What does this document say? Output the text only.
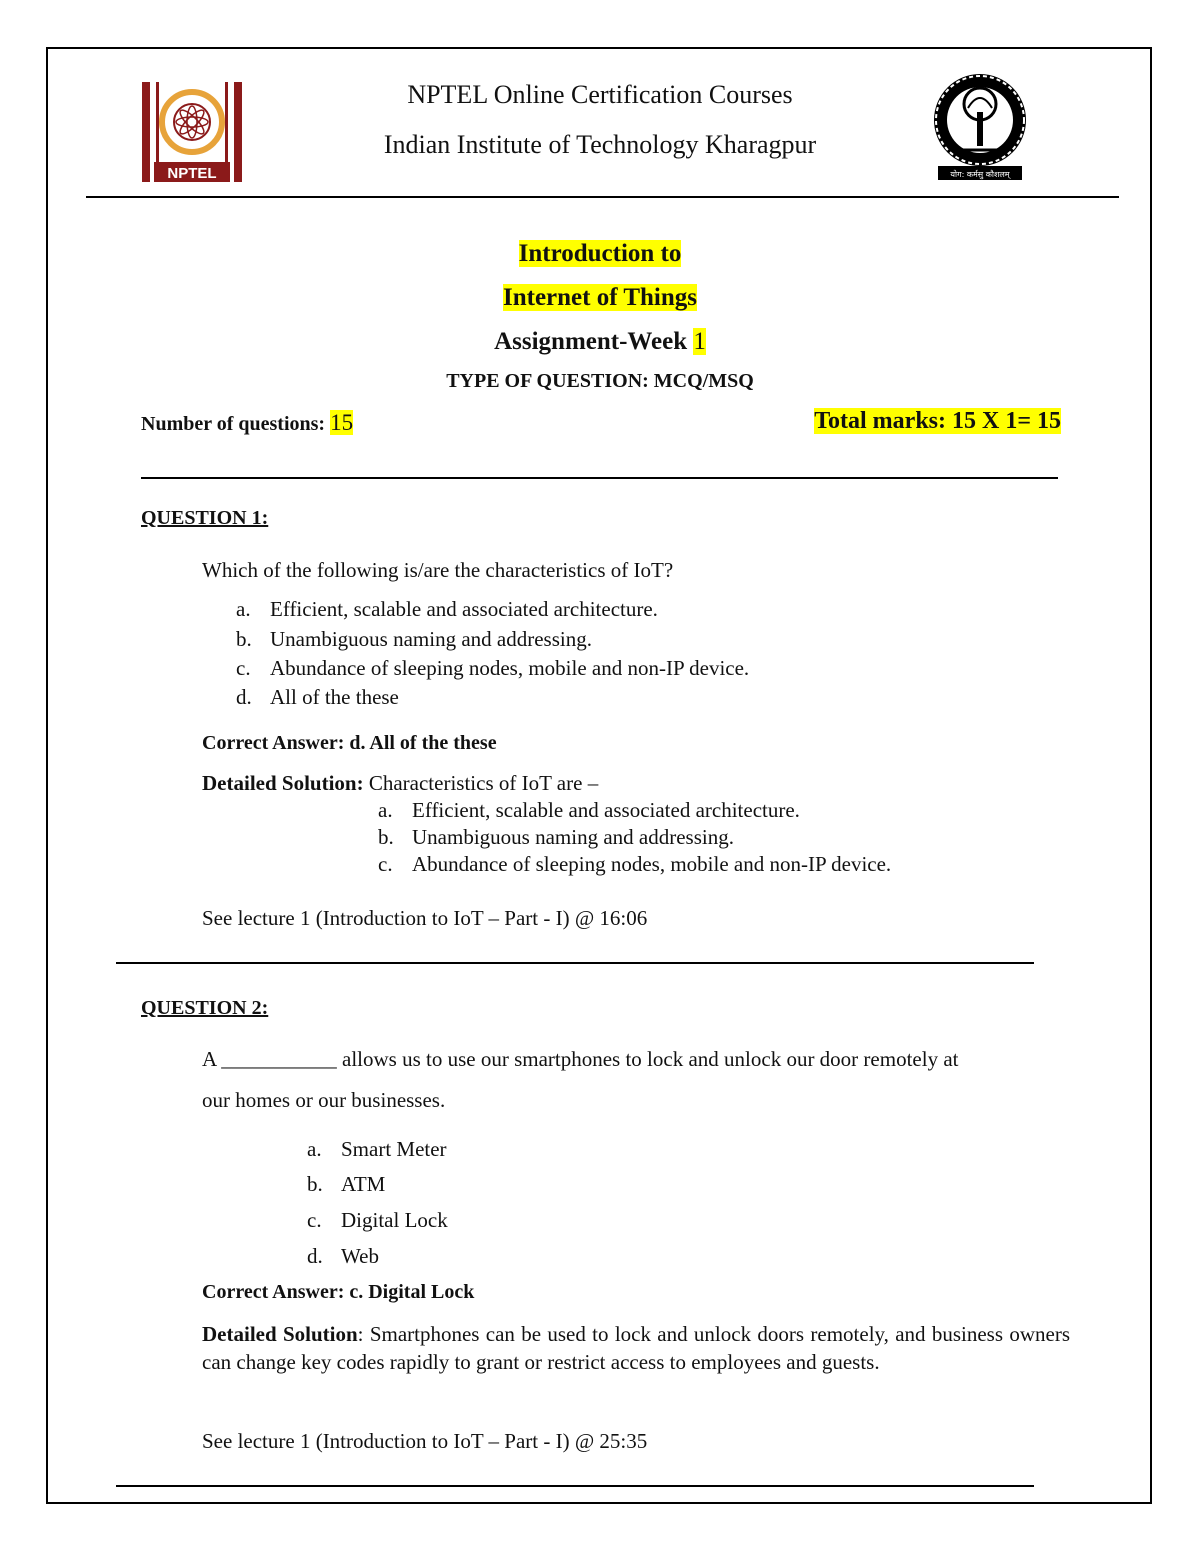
NPTEL
NPTEL Online Certification Courses
Indian Institute of Technology Kharagpur
योग: कर्मसु कौशलम्
Introduction to
Internet of Things
Assignment-Week 1
TYPE OF QUESTION: MCQ/MSQ
Number of questions: 15	Total marks: 15 X 1= 15
QUESTION 1:
Which of the following is/are the characteristics of IoT?
a. Efficient, scalable and associated architecture.
b. Unambiguous naming and addressing.
c. Abundance of sleeping nodes, mobile and non-IP device.
d. All of the these
Correct Answer: d. All of the these
Detailed Solution: Characteristics of IoT are –
a. Efficient, scalable and associated architecture.
b. Unambiguous naming and addressing.
c. Abundance of sleeping nodes, mobile and non-IP device.
See lecture 1 (Introduction to IoT – Part - I) @ 16:06
QUESTION 2:
A ___________ allows us to use our smartphones to lock and unlock our door remotely at
our homes or our businesses.
a. Smart Meter
b. ATM
c. Digital Lock
d. Web
Correct Answer: c. Digital Lock
Detailed Solution: Smartphones can be used to lock and unlock doors remotely, and business owners can change key codes rapidly to grant or restrict access to employees and guests.
See lecture 1 (Introduction to IoT – Part - I) @ 25:35
